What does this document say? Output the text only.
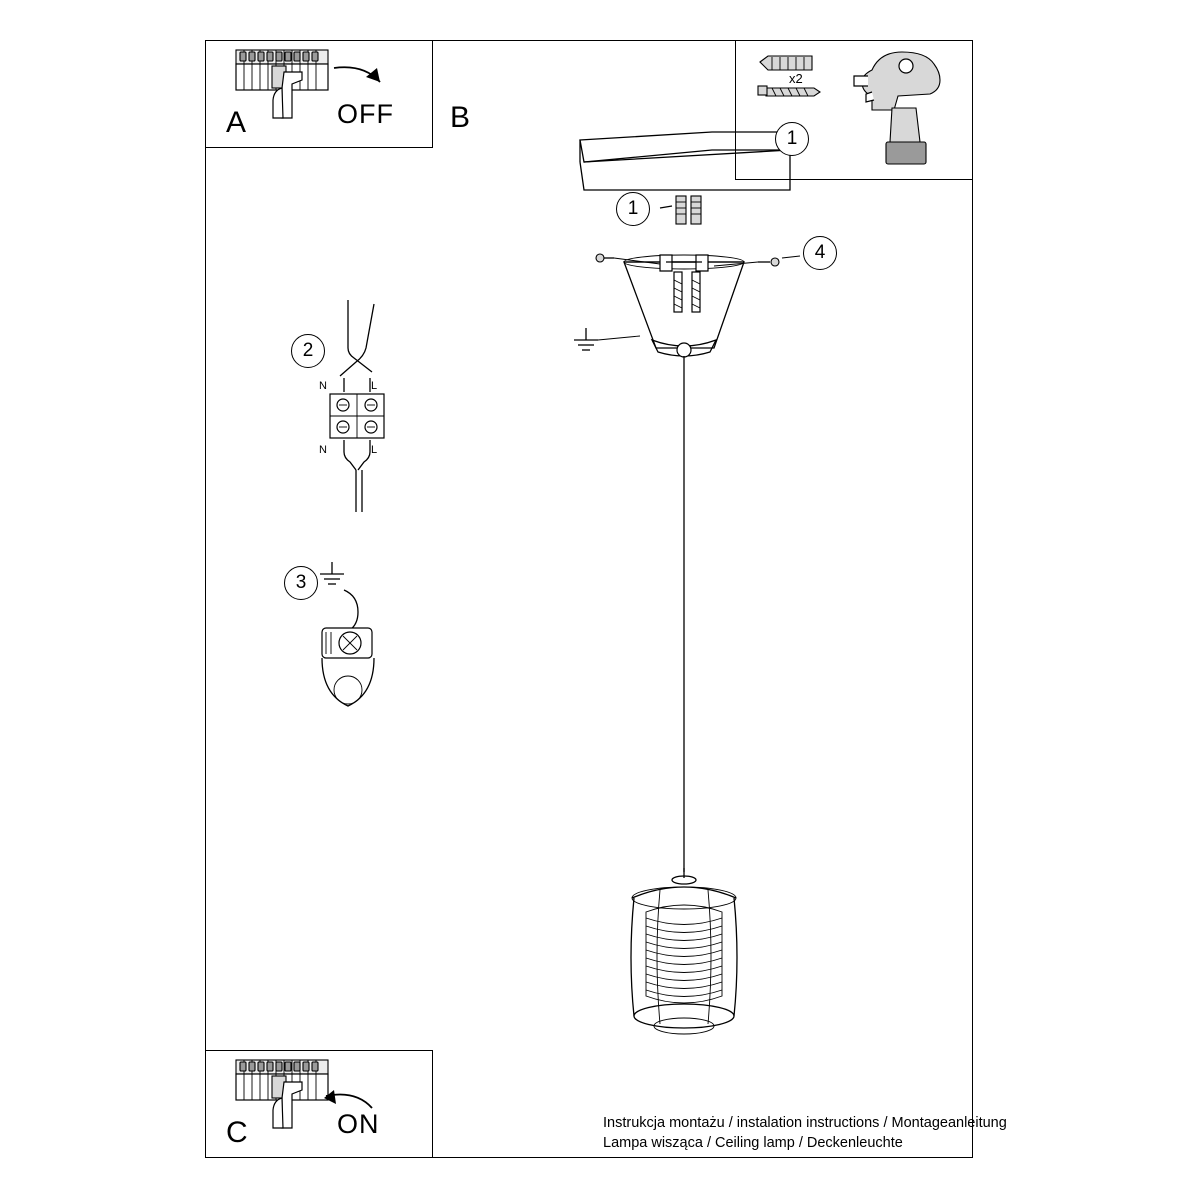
A	OFF B
C	ON
1
x2
1
4
2
3
N	L
N	L
Instrukcja montażu / instalation instructions / Montageanleitung
Lampa wisząca / Ceiling lamp / Deckenleuchte
